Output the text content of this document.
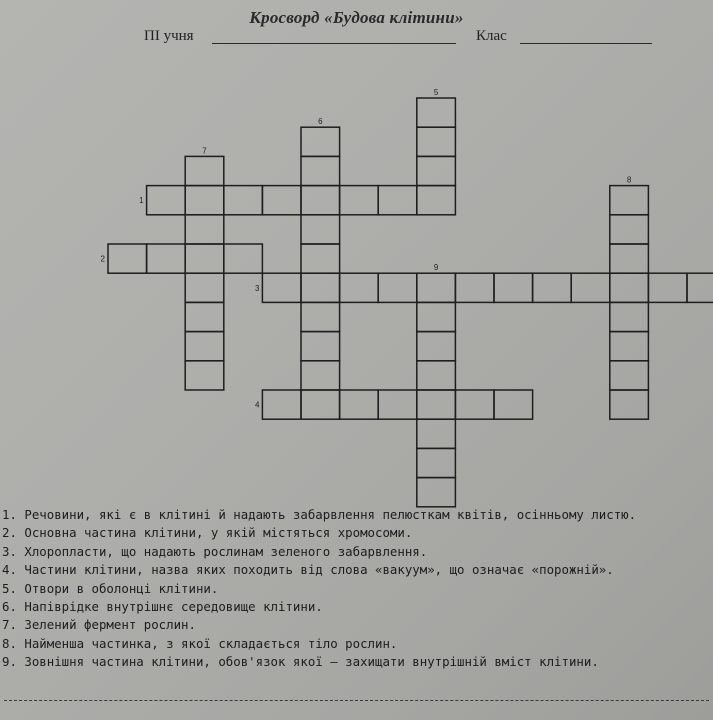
Кросворд «Будова клітини»
ПІ учня	Клас
1
2
3
4
5
6
7
8
9
1. Речовини, які є в клітині й надають забарвлення пелюсткам квітів, осінньому листю.
2. Основна частина клітини, у якій містяться хромосоми.
3. Хлоропласти, що надають рослинам зеленого забарвлення.
4. Частини клітини, назва яких походить від слова «вакуум», що означає «порожній».
5. Отвори в оболонці клітини.
6. Напіврідке внутрішнє середовище клітини.
7. Зелений фермент рослин.
8. Найменша частинка, з якої складається тіло рослин.
9. Зовнішня частина клітини, обов'язок якої — захищати внутрішній вміст клітини.
